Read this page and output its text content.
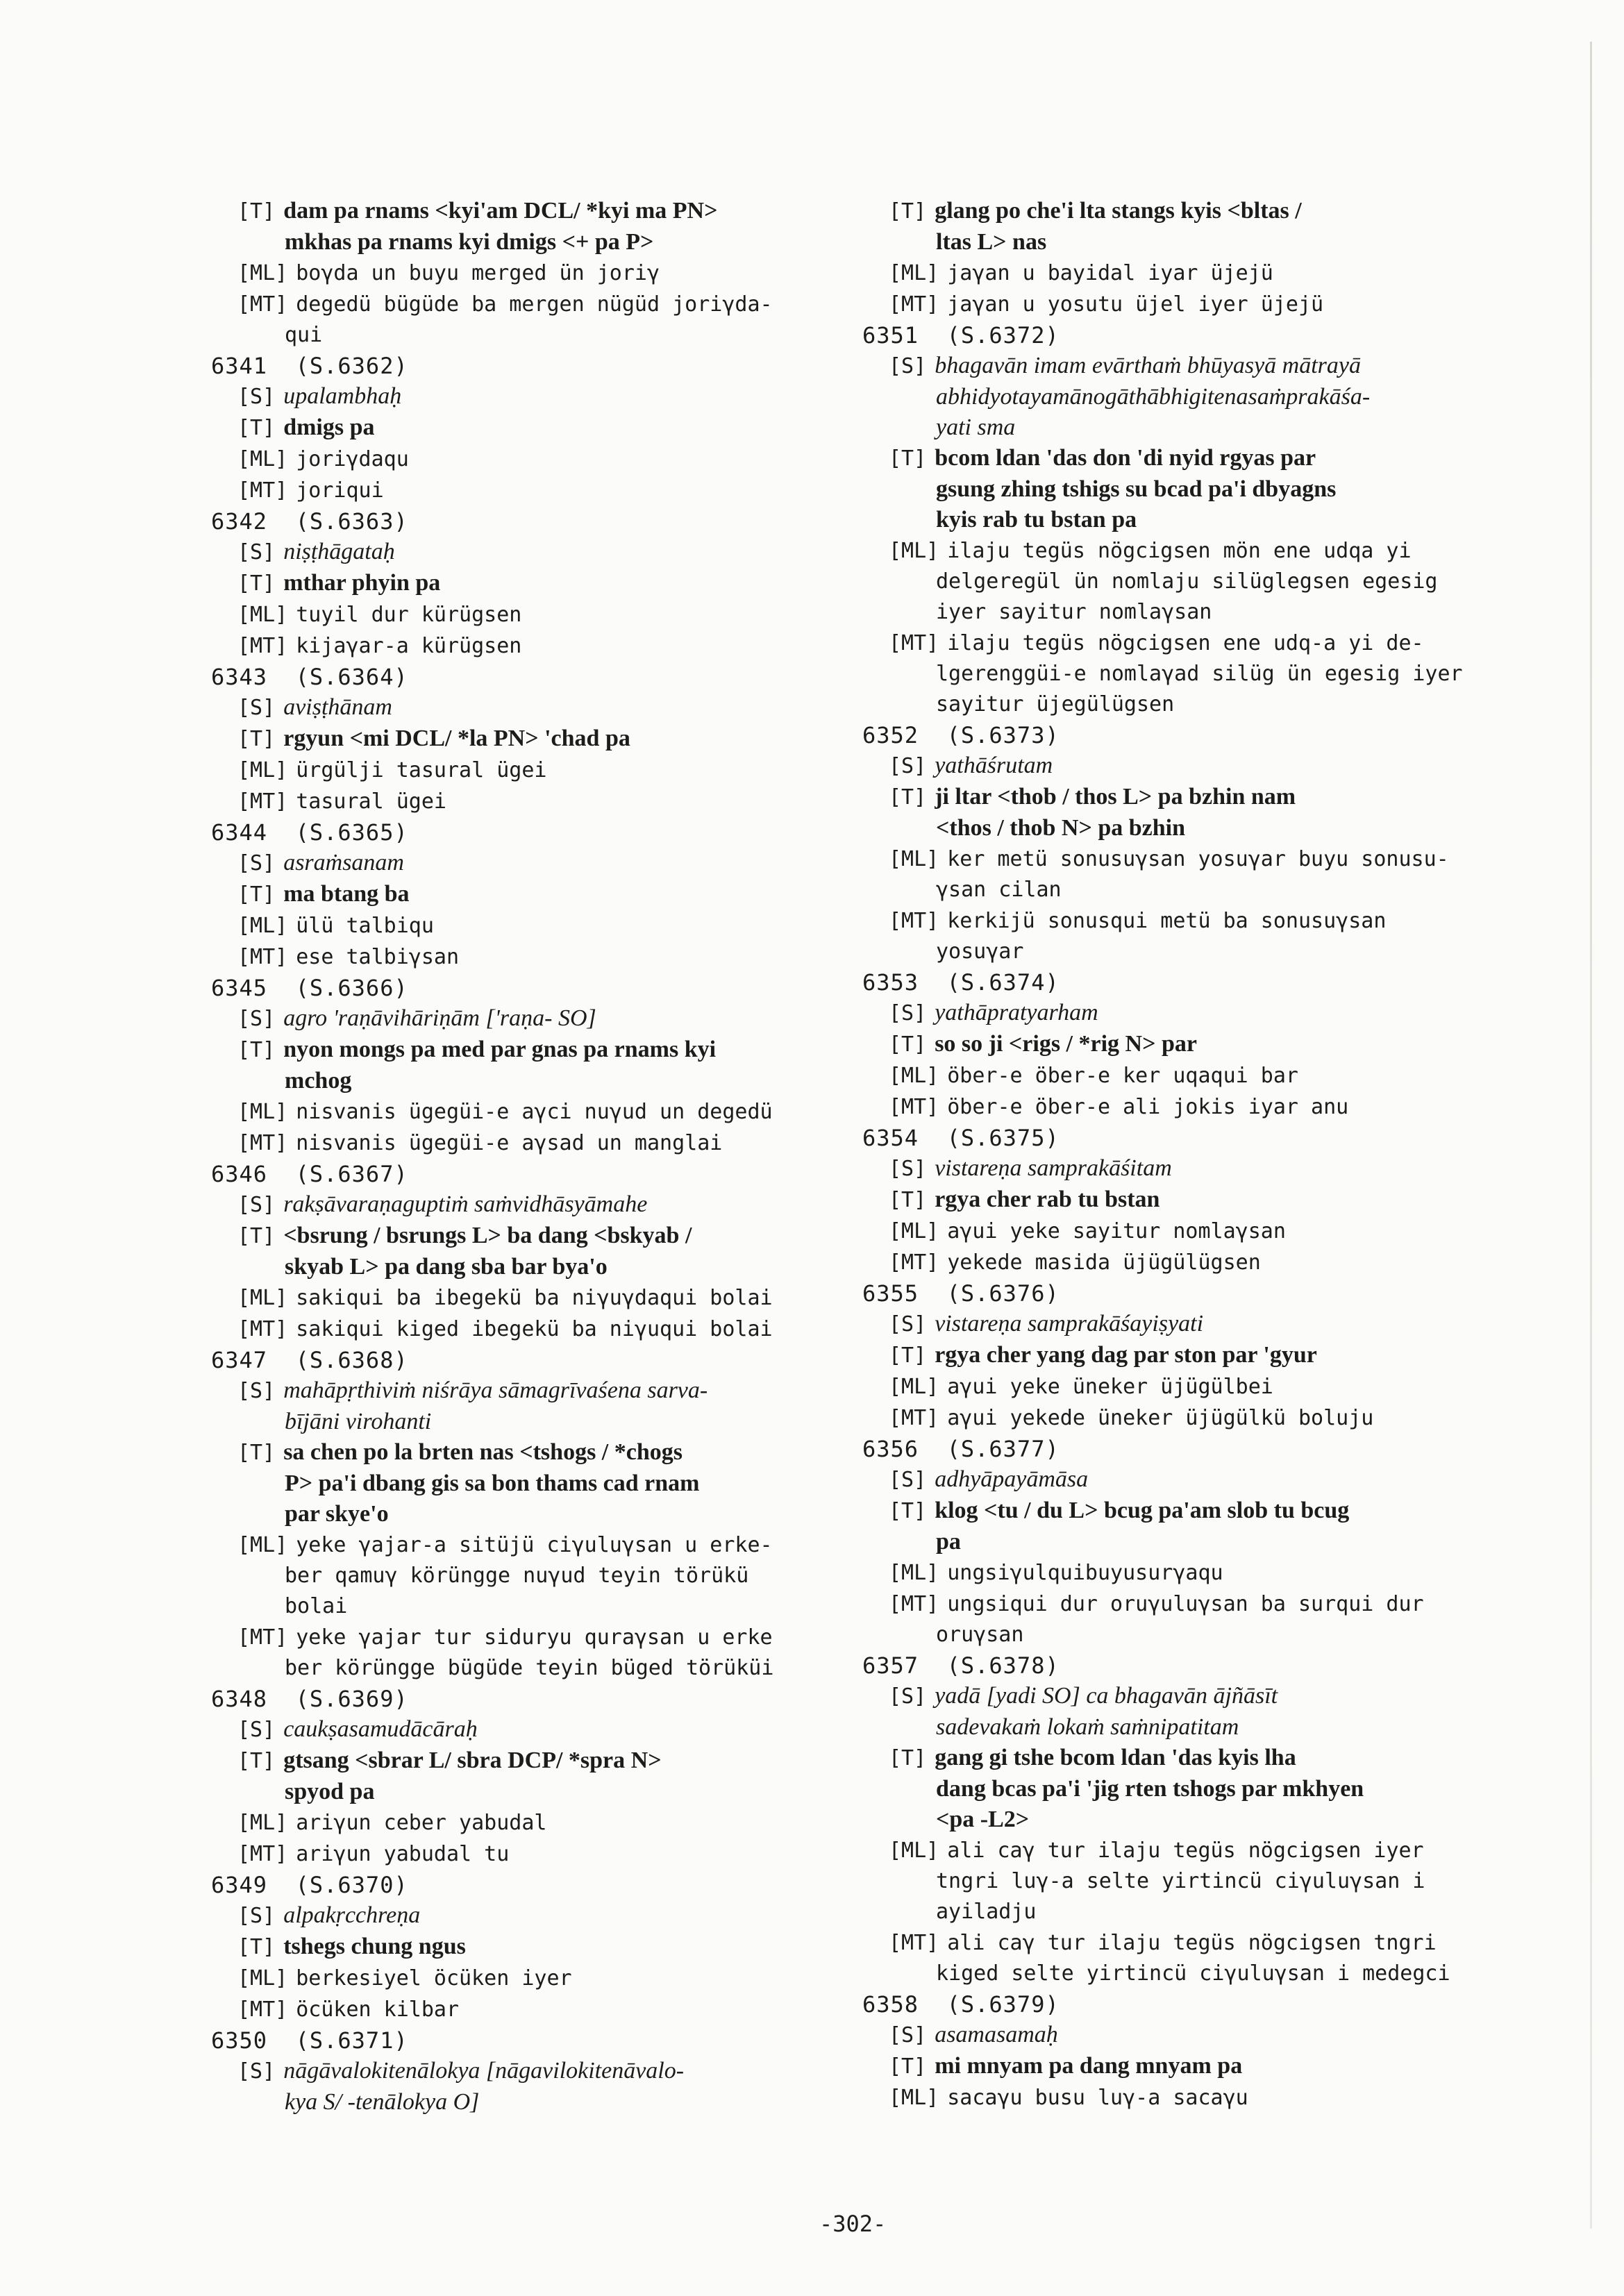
[T] dam pa rnams <kyi'am DCL/ *kyi ma PN>
mkhas pa rnams kyi dmigs <+ pa P>
[ML] boγda un buyu merged ün joriγ
[MT] degedü bügüde ba mergen nügüd joriγda-
qui
6341  (S.6362)
[S] upalambhaḥ
[T] dmigs pa
[ML] joriγdaqu
[MT] joriqui
6342  (S.6363)
[S] niṣṭhāgataḥ
[T] mthar phyin pa
[ML] tuyil dur kürügsen
[MT] kijaγar-a kürügsen
6343  (S.6364)
[S] aviṣṭhānam
[T] rgyun <mi DCL/ *la PN> 'chad pa
[ML] ürgülji tasural ügei
[MT] tasural ügei
6344  (S.6365)
[S] asraṁsanam
[T] ma btang ba
[ML] ülü talbiqu
[MT] ese talbiγsan
6345  (S.6366)
[S] agro 'raṇāvihāriṇām ['raṇa- SO]
[T] nyon mongs pa med par gnas pa rnams kyi
mchog
[ML] nisvanis ügegüi-e aγci nuγud un degedü
[MT] nisvanis ügegüi-e aγsad un manglai
6346  (S.6367)
[S] rakṣāvaraṇaguptiṁ saṁvidhāsyāmahe
[T] <bsrung / bsrungs L> ba dang <bskyab /
skyab L> pa dang sba bar bya'o
[ML] sakiqui ba ibegekü ba niγuγdaqui bolai
[MT] sakiqui kiged ibegekü ba niγuqui bolai
6347  (S.6368)
[S] mahāpṛthiviṁ niśrāya sāmagrīvaśena sarva-
bījāni virohanti
[T] sa chen po la brten nas <tshogs / *chogs
P> pa'i dbang gis sa bon thams cad rnam
par skye'o
[ML] yeke γajar-a sitüjü ciγuluγsan u erke-
ber qamuγ körüngge nuγud teyin törükü
bolai
[MT] yeke γajar tur siduryu quraγsan u erke
ber körüngge bügüde teyin büged törüküi
6348  (S.6369)
[S] caukṣasamudācāraḥ
[T] gtsang <sbrar L/ sbra DCP/ *spra N>
spyod pa
[ML] ariγun ceber yabudal
[MT] ariγun yabudal tu
6349  (S.6370)
[S] alpakṛcchreṇa
[T] tshegs chung ngus
[ML] berkesiyel öcüken iyer
[MT] öcüken kilbar
6350  (S.6371)
[S] nāgāvalokitenālokya [nāgavilokitenāvalo-
kya S/ -tenālokya O]
[T] glang po che'i lta stangs kyis <bltas /
ltas L> nas
[ML] jaγan u bayidal iyar üjejü
[MT] jaγan u yosutu üjel iyer üjejü
6351  (S.6372)
[S] bhagavān imam evārthaṁ bhūyasyā mātrayā
abhidyotayamānogāthābhigitenasaṁprakāśa-
yati sma
[T] bcom ldan 'das don 'di nyid rgyas par
gsung zhing tshigs su bcad pa'i dbyagns
kyis rab tu bstan pa
[ML] ilaju tegüs nögcigsen mön ene udqa yi
delgeregül ün nomlaju silüglegsen egesig
iyer sayitur nomlaγsan
[MT] ilaju tegüs nögcigsen ene udq-a yi de-
lgerenggüi-e nomlaγad silüg ün egesig iyer
sayitur üjegülügsen
6352  (S.6373)
[S] yathāśrutam
[T] ji ltar <thob / thos L> pa bzhin nam
<thos / thob N> pa bzhin
[ML] ker metü sonusuγsan yosuγar buyu sonusu-
γsan cilan
[MT] kerkijü sonusqui metü ba sonusuγsan
yosuγar
6353  (S.6374)
[S] yathāpratyarham
[T] so so ji <rigs / *rig N> par
[ML] öber-e öber-e ker uqaqui bar
[MT] öber-e öber-e ali jokis iyar anu
6354  (S.6375)
[S] vistareṇa samprakāśitam
[T] rgya cher rab tu bstan
[ML] aγui yeke sayitur nomlaγsan
[MT] yekede masida üjügülügsen
6355  (S.6376)
[S] vistareṇa samprakāśayiṣyati
[T] rgya cher yang dag par ston par 'gyur
[ML] aγui yeke üneker üjügülbei
[MT] aγui yekede üneker üjügülkü boluju
6356  (S.6377)
[S] adhyāpayāmāsa
[T] klog <tu / du L> bcug pa'am slob tu bcug
pa
[ML] ungsiγulquibuyusurγaqu
[MT] ungsiqui dur oruγuluγsan ba surqui dur
oruγsan
6357  (S.6378)
[S] yadā [yadi SO] ca bhagavān ājñāsīt
sadevakaṁ lokaṁ saṁnipatitam
[T] gang gi tshe bcom ldan 'das kyis lha
dang bcas pa'i 'jig rten tshogs par mkhyen
<pa -L2>
[ML] ali caγ tur ilaju tegüs nögcigsen iyer
tngri luγ-a selte yirtincü ciγuluγsan i
ayiladju
[MT] ali caγ tur ilaju tegüs nögcigsen tngri
kiged selte yirtincü ciγuluγsan i medegci
6358  (S.6379)
[S] asamasamaḥ
[T] mi mnyam pa dang mnyam pa
[ML] sacaγu busu luγ-a sacaγu
-302-
